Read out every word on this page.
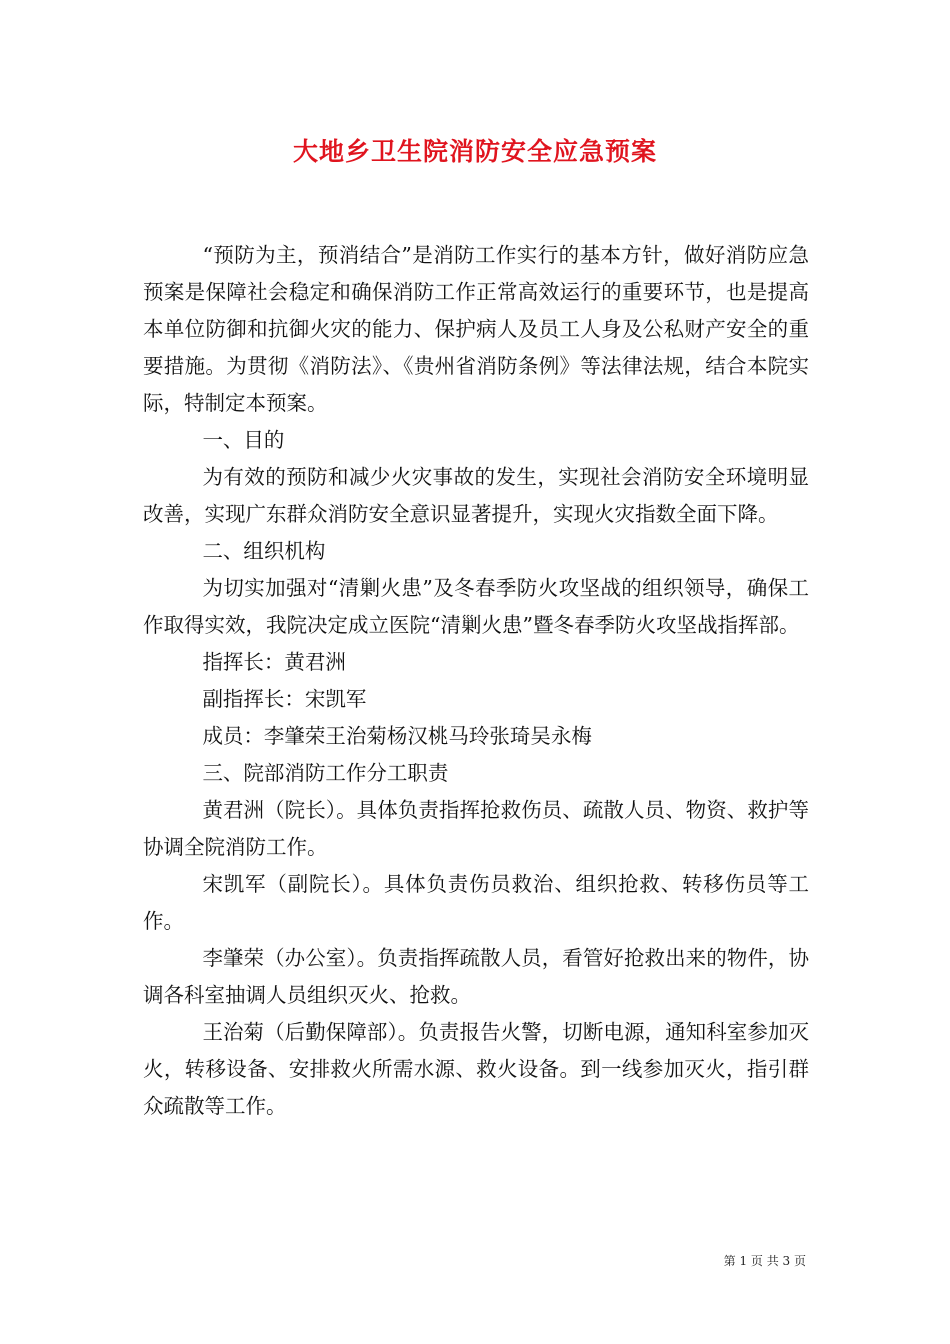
大地乡卫生院消防安全应急预案

“预防为主，预消结合”是消防工作实行的基本方针，做好消防应急预案是保障社会稳定和确保消防工作正常高效运行的重要环节，也是提高本单位防御和抗御火灾的能力、保护病人及员工人身及公私财产安全的重要措施。为贯彻《消防法》、《贵州省消防条例》等法律法规，结合本院实际，特制定本预案。

一、目的

为有效的预防和减少火灾事故的发生，实现社会消防安全环境明显改善，实现广东群众消防安全意识显著提升，实现火灾指数全面下降。

二、组织机构

为切实加强对“清剿火患”及冬春季防火攻坚战的组织领导，确保工作取得实效，我院决定成立医院“清剿火患”暨冬春季防火攻坚战指挥部。

指挥长：黄君洲

副指挥长：宋凯军

成员：李肇荣王治菊杨汉桃马玲张琦吴永梅

三、院部消防工作分工职责

黄君洲（院长）。具体负责指挥抢救伤员、疏散人员、物资、救护等协调全院消防工作。

宋凯军（副院长）。具体负责伤员救治、组织抢救、转移伤员等工作。

李肇荣（办公室）。负责指挥疏散人员，看管好抢救出来的物件，协调各科室抽调人员组织灭火、抢救。

王治菊（后勤保障部）。负责报告火警，切断电源，通知科室参加灭火，转移设备、安排救火所需水源、救火设备。到一线参加灭火，指引群众疏散等工作。

第 1 页 共 3 页
